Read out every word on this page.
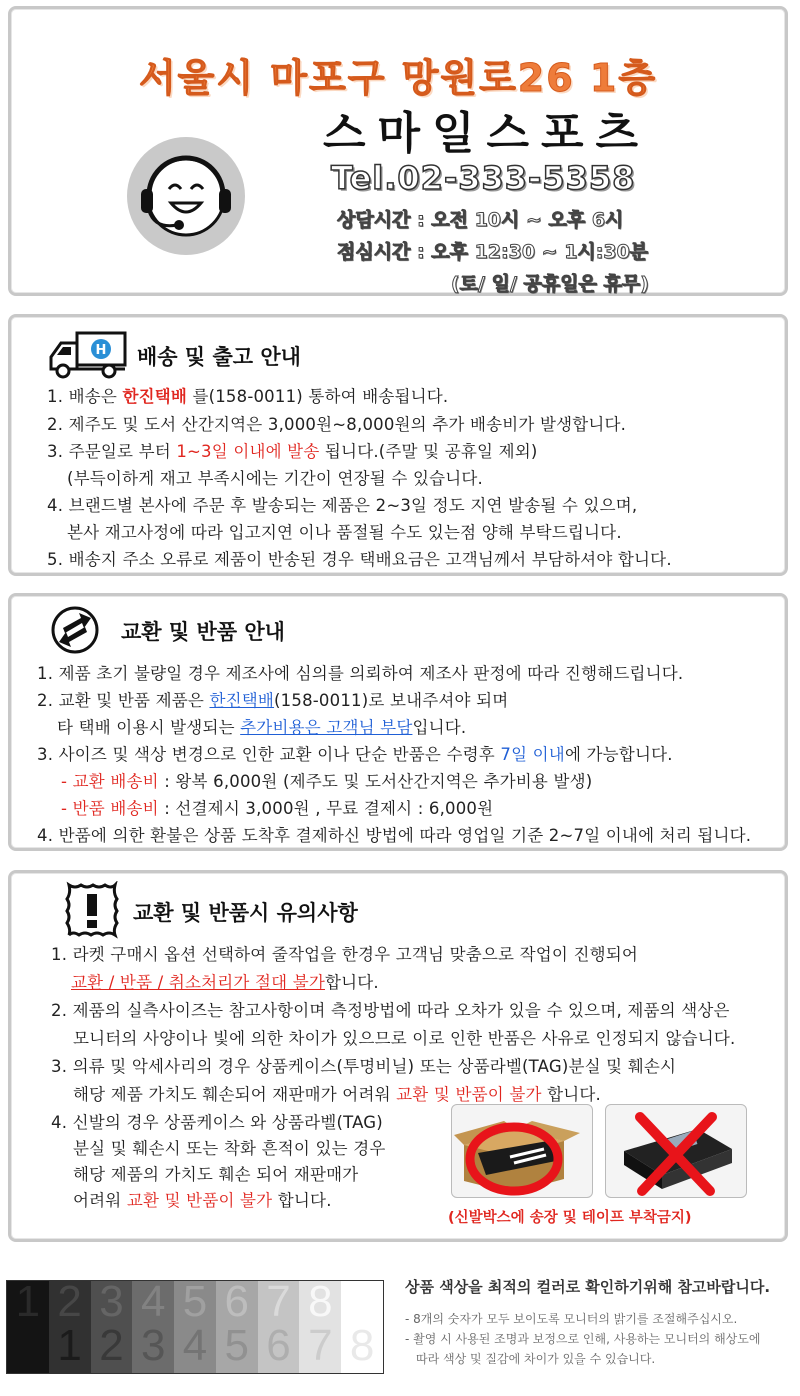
서울시 마포구 망원로26 1층
스마일스포츠
Tel.02-333-5358
상담시간 : 오전 10시 ~ 오후 6시
점심시간 : 오후 12:30 ~ 1시:30분
(토/ 일/ 공휴일은 휴무)
H 배송 및 출고 안내
1. 배송은 한진택배 를(158-0011) 통하여 배송됩니다.
2. 제주도 및 도서 산간지역은 3,000원~8,000원의 추가 배송비가 발생합니다.
3. 주문일로 부터 1~3일 이내에 발송 됩니다.(주말 및 공휴일 제외)
(부득이하게 재고 부족시에는 기간이 연장될 수 있습니다.
4. 브랜드별 본사에 주문 후 발송되는 제품은 2~3일 정도 지연 발송될 수 있으며,
본사 재고사정에 따라 입고지연 이나 품절될 수도 있는점 양해 부탁드립니다.
5. 배송지 주소 오류로 제품이 반송된 경우 택배요금은 고객님께서 부담하셔야 합니다.
교환 및 반품 안내
1. 제품 초기 불량일 경우 제조사에 심의를 의뢰하여 제조사 판정에 따라 진행해드립니다.
2. 교환 및 반품 제품은 한진택배(158-0011)로 보내주셔야 되며
타 택배 이용시 발생되는 추가비용은 고객님 부담입니다.
3. 사이즈 및 색상 변경으로 인한 교환 이나 단순 반품은 수령후 7일 이내에 가능합니다.
- 교환 배송비 : 왕복 6,000원 (제주도 및 도서산간지역은 추가비용 발생)
- 반품 배송비 : 선결제시 3,000원 , 무료 결제시 : 6,000원
4. 반품에 의한 환불은 상품 도착후 결제하신 방법에 따라 영업일 기준 2~7일 이내에 처리 됩니다.
교환 및 반품시 유의사항
1. 라켓 구매시 옵션 선택하여 줄작업을 한경우 고객님 맞춤으로 작업이 진행되어
교환 / 반품 / 취소처리가 절대 불가합니다.
2. 제품의 실측사이즈는 참고사항이며 측정방법에 따라 오차가 있을 수 있으며, 제품의 색상은
모니터의 사양이나 빛에 의한 차이가 있으므로 이로 인한 반품은 사유로 인정되지 않습니다.
3. 의류 및 악세사리의 경우 상품케이스(투명비닐) 또는 상품라벨(TAG)분실 및 훼손시
해당 제품 가치도 훼손되어 재판매가 어려워 교환 및 반품이 불가 합니다.
4. 신발의 경우 상품케이스 와 상품라벨(TAG)
분실 및 훼손시 또는 착화 흔적이 있는 경우
해당 제품의 가치도 훼손 되어 재판매가
어려워 교환 및 반품이 불가 합니다.
(신발박스에 송장 및 테이프 부착금지)
1 2
1
3
2
4
3
5
4
6
5
7
6
8
7 8
상품 색상을 최적의 컬러로 확인하기위해 참고바랍니다.
- 8개의 숫자가 모두 보이도록 모니터의 밝기를 조절해주십시오.
- 촬영 시 사용된 조명과 보정으로 인해, 사용하는 모니터의 해상도에
따라 색상 및 질감에 차이가 있을 수 있습니다.
